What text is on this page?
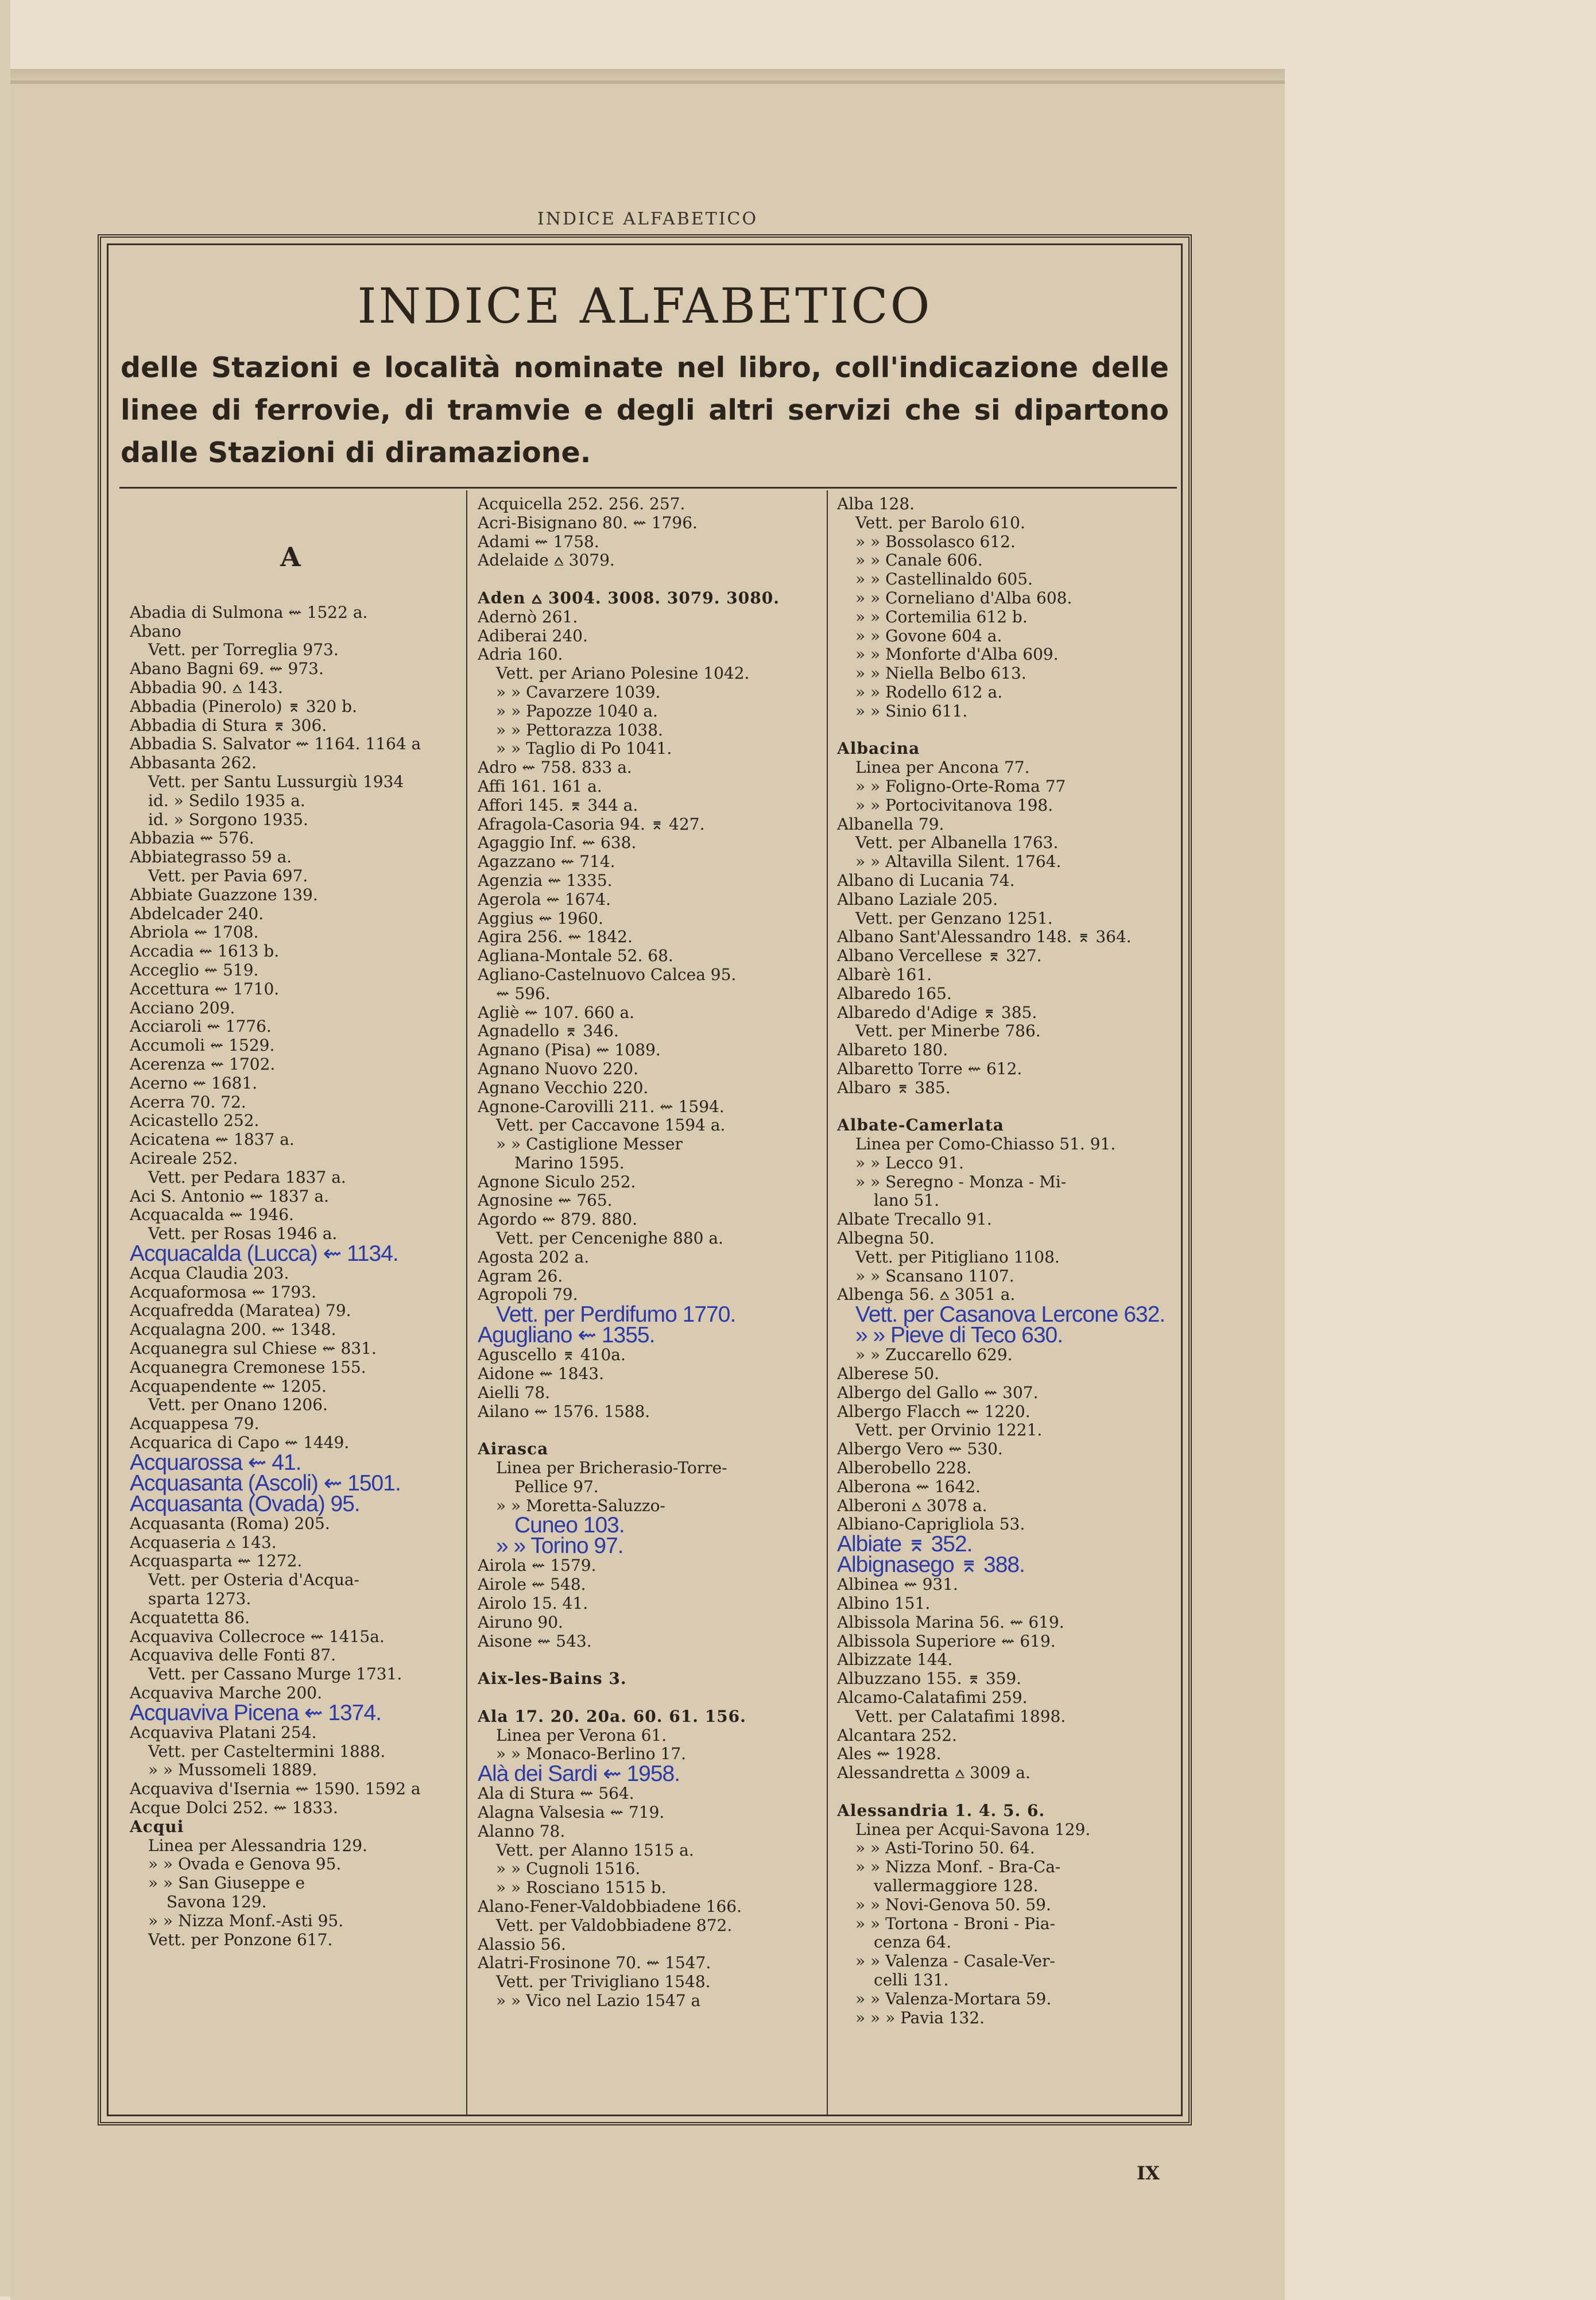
INDICE ALFABETICO
INDICE ALFABETICO
delle Stazioni e località nominate nel libro, coll'indicazione delle linee di ferrovie, di tramvie e degli altri servizi che si dipartono dalle Stazioni di diramazione.
A
Abadia di Sulmona ⇜ 1522 a.
Abano
Vett. per Torreglia 973.
Abano Bagni 69. ⇜ 973.
Abbadia 90. ⩟ 143.
Abbadia (Pinerolo) ⌆ 320 b.
Abbadia di Stura ⌆ 306.
Abbadia S. Salvator ⇜ 1164. 1164 a
Abbasanta 262.
Vett. per Santu Lussurgiù 1934
id. » Sedilo 1935 a.
id. » Sorgono 1935.
Abbazia ⇜ 576.
Abbiategrasso 59 a.
Vett. per Pavia 697.
Abbiate Guazzone 139.
Abdelcader 240.
Abriola ⇜ 1708.
Accadia ⇜ 1613 b.
Acceglio ⇜ 519.
Accettura ⇜ 1710.
Acciano 209.
Acciaroli ⇜ 1776.
Accumoli ⇜ 1529.
Acerenza ⇜ 1702.
Acerno ⇜ 1681.
Acerra 70. 72.
Acicastello 252.
Acicatena ⇜ 1837 a.
Acireale 252.
Vett. per Pedara 1837 a.
Aci S. Antonio ⇜ 1837 a.
Acquacalda ⇜ 1946.
Vett. per Rosas 1946 a.
Acquacalda (Lucca) ⇜ 1134.
Acqua Claudia 203.
Acquaformosa ⇜ 1793.
Acquafredda (Maratea) 79.
Acqualagna 200. ⇜ 1348.
Acquanegra sul Chiese ⇜ 831.
Acquanegra Cremonese 155.
Acquapendente ⇜ 1205.
Vett. per Onano 1206.
Acquappesa 79.
Acquarica di Capo ⇜ 1449.
Acquarossa ⇜ 41.
Acquasanta (Ascoli) ⇜ 1501.
Acquasanta (Ovada) 95.
Acquasanta (Roma) 205.
Acquaseria ⩟ 143.
Acquasparta ⇜ 1272.
Vett. per Osteria d'Acqua-
sparta 1273.
Acquatetta 86.
Acquaviva Collecroce ⇜ 1415a.
Acquaviva delle Fonti 87.
Vett. per Cassano Murge 1731.
Acquaviva Marche 200.
Acquaviva Picena ⇜ 1374.
Acquaviva Platani 254.
Vett. per Casteltermini 1888.
» » Mussomeli 1889.
Acquaviva d'Isernia ⇜ 1590. 1592 a
Acque Dolci 252. ⇜ 1833.
Acqui
Linea per Alessandria 129.
» » Ovada e Genova 95.
» » San Giuseppe e
Savona 129.
» » Nizza Monf.-Asti 95.
Vett. per Ponzone 617.
Acquicella 252. 256. 257.
Acri-Bisignano 80. ⇜ 1796.
Adami ⇜ 1758.
Adelaide ⩟ 3079.

Aden ⩟ 3004. 3008. 3079. 3080.
Adernò 261.
Adiberai 240.
Adria 160.
Vett. per Ariano Polesine 1042.
» » Cavarzere 1039.
» » Papozze 1040 a.
» » Pettorazza 1038.
» » Taglio di Po 1041.
Adro ⇜ 758. 833 a.
Affi 161. 161 a.
Affori 145. ⌆ 344 a.
Afragola-Casoria 94. ⌆ 427.
Agaggio Inf. ⇜ 638.
Agazzano ⇜ 714.
Agenzia ⇜ 1335.
Agerola ⇜ 1674.
Aggius ⇜ 1960.
Agira 256. ⇜ 1842.
Agliana-Montale 52. 68.
Agliano-Castelnuovo Calcea 95.
⇜ 596.
Agliè ⇜ 107. 660 a.
Agnadello ⌆ 346.
Agnano (Pisa) ⇜ 1089.
Agnano Nuovo 220.
Agnano Vecchio 220.
Agnone-Carovilli 211. ⇜ 1594.
Vett. per Caccavone 1594 a.
» » Castiglione Messer
Marino 1595.
Agnone Siculo 252.
Agnosine ⇜ 765.
Agordo ⇜ 879. 880.
Vett. per Cencenighe 880 a.
Agosta 202 a.
Agram 26.
Agropoli 79.
Vett. per Perdifumo 1770.
Agugliano ⇜ 1355.
Aguscello ⌆ 410a.
Aidone ⇜ 1843.
Aielli 78.
Ailano ⇜ 1576. 1588.

Airasca
Linea per Bricherasio-Torre-
Pellice 97.
» » Moretta-Saluzzo-
Cuneo 103.
» » Torino 97.
Airola ⇜ 1579.
Airole ⇜ 548.
Airolo 15. 41.
Airuno 90.
Aisone ⇜ 543.

Aix-les-Bains 3.

Ala 17. 20. 20a. 60. 61. 156.
Linea per Verona 61.
» » Monaco-Berlino 17.
Alà dei Sardi ⇜ 1958.
Ala di Stura ⇜ 564.
Alagna Valsesia ⇜ 719.
Alanno 78.
Vett. per Alanno 1515 a.
» » Cugnoli 1516.
» » Rosciano 1515 b.
Alano-Fener-Valdobbiadene 166.
Vett. per Valdobbiadene 872.
Alassio 56.
Alatri-Frosinone 70. ⇜ 1547.
Vett. per Trivigliano 1548.
» » Vico nel Lazio 1547 a
Alba 128.
Vett. per Barolo 610.
» » Bossolasco 612.
» » Canale 606.
» » Castellinaldo 605.
» » Corneliano d'Alba 608.
» » Cortemilia 612 b.
» » Govone 604 a.
» » Monforte d'Alba 609.
» » Niella Belbo 613.
» » Rodello 612 a.
» » Sinio 611.

Albacina
Linea per Ancona 77.
» » Foligno-Orte-Roma 77
» » Portocivitanova 198.
Albanella 79.
Vett. per Albanella 1763.
» » Altavilla Silent. 1764.
Albano di Lucania 74.
Albano Laziale 205.
Vett. per Genzano 1251.
Albano Sant'Alessandro 148. ⌆ 364.
Albano Vercellese ⌆ 327.
Albarè 161.
Albaredo 165.
Albaredo d'Adige ⌆ 385.
Vett. per Minerbe 786.
Albareto 180.
Albaretto Torre ⇜ 612.
Albaro ⌆ 385.

Albate-Camerlata
Linea per Como-Chiasso 51. 91.
» » Lecco 91.
» » Seregno - Monza - Mi-
lano 51.
Albate Trecallo 91.
Albegna 50.
Vett. per Pitigliano 1108.
» » Scansano 1107.
Albenga 56. ⩟ 3051 a.
Vett. per Casanova Lercone 632.
» » Pieve di Teco 630.
» » Zuccarello 629.
Alberese 50.
Albergo del Gallo ⇜ 307.
Albergo Flacch ⇜ 1220.
Vett. per Orvinio 1221.
Albergo Vero ⇜ 530.
Alberobello 228.
Alberona ⇜ 1642.
Alberoni ⩟ 3078 a.
Albiano-Caprigliola 53.
Albiate ⌆ 352.
Albignasego ⌆ 388.
Albinea ⇜ 931.
Albino 151.
Albissola Marina 56. ⇜ 619.
Albissola Superiore ⇜ 619.
Albizzate 144.
Albuzzano 155. ⌆ 359.
Alcamo-Calatafimi 259.
Vett. per Calatafimi 1898.
Alcantara 252.
Ales ⇜ 1928.
Alessandretta ⩟ 3009 a.

Alessandria 1. 4. 5. 6.
Linea per Acqui-Savona 129.
» » Asti-Torino 50. 64.
» » Nizza Monf. - Bra-Ca-
vallermaggiore 128.
» » Novi-Genova 50. 59.
» » Tortona - Broni - Pia-
cenza 64.
» » Valenza - Casale-Ver-
celli 131.
» » Valenza-Mortara 59.
» » » Pavia 132.
IX
